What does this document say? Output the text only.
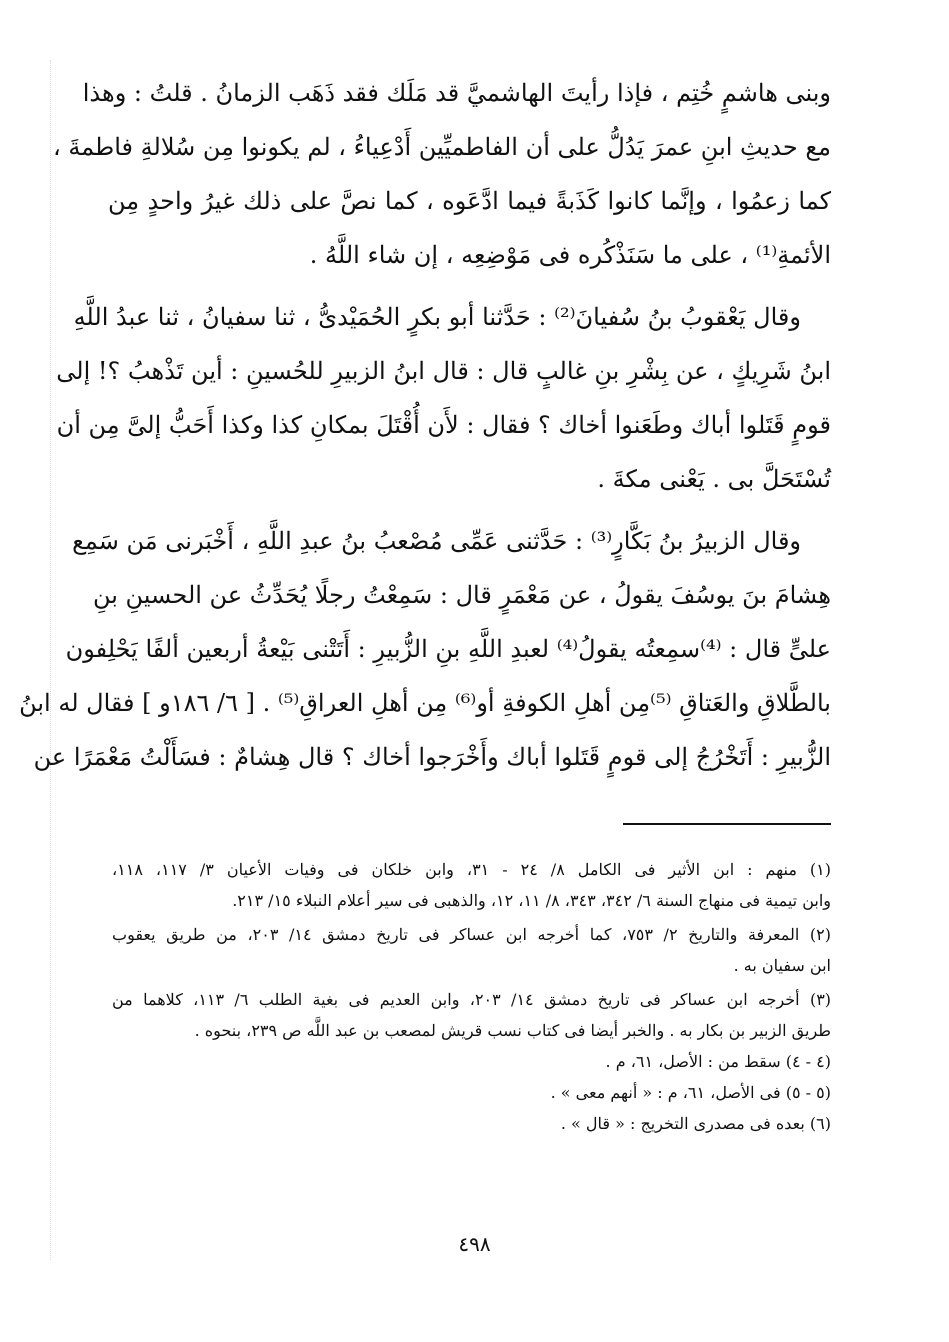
وبنى هاشمٍ خُتِم ، فإذا رأيتَ الهاشميَّ قد مَلَك فقد ذَهَب الزمانُ . قلتُ : وهذا
مع حديثِ ابنِ عمرَ يَدُلُّ على أن الفاطميِّين أَدْعِياءُ ، لم يكونوا مِن سُلالةِ فاطمةَ ،
كما زعمُوا ، وإنَّما كانوا كَذَبةً فيما ادَّعَوه ، كما نصَّ على ذلك غيرُ واحدٍ مِن
الأئمةِ⁽¹⁾ ، على ما سَنَذْكُره فى مَوْضِعِه ، إن شاء اللَّهُ .
وقال يَعْقوبُ بنُ سُفيانَ⁽²⁾ : حَدَّثنا أبو بكرٍ الحُمَيْدىُّ ، ثنا سفيانُ ، ثنا عبدُ اللَّهِ
ابنُ شَرِيكٍ ، عن بِشْرِ بنِ غالبٍ قال : قال ابنُ الزبيرِ للحُسينِ : أين تَذْهبُ ؟! إلى
قومٍ قَتَلوا أباك وطَعَنوا أخاك ؟ فقال : لأَن أُقْتَلَ بمكانِ كذا وكذا أَحَبُّ إلىَّ مِن أن
تُسْتَحَلَّ بى . يَعْنى مكةَ .
وقال الزبيرُ بنُ بَكَّارٍ⁽³⁾ : حَدَّثنى عَمِّى مُصْعبُ بنُ عبدِ اللَّهِ ، أَخْبَرنى مَن سَمِع
هِشامَ بنَ يوسُفَ يقولُ ، عن مَعْمَرٍ قال : سَمِعْتُ رجلًا يُحَدِّثُ عن الحسينِ بنِ
علىٍّ قال : ⁽⁴⁾سمِعتُه يقولُ⁽⁴⁾ لعبدِ اللَّهِ بنِ الزُّبيرِ : أَتَتْنى بَيْعةُ أربعين ألفًا يَحْلِفون
بالطَّلاقِ والعَتاقِ ⁽⁵⁾مِن أهلِ الكوفةِ أو⁽⁶⁾ مِن أهلِ العراقِ⁽⁵⁾ . [ ٦/ ١٨٦و ] فقال له ابنُ
الزُّبيرِ : أَتَخْرُجُ إلى قومٍ قَتَلوا أباك وأَخْرَجوا أخاك ؟ قال هِشامٌ : فسَأَلْتُ مَعْمَرًا عن
(١) منهم : ابن الأثير فى الكامل ٨/ ٢٤ - ٣١، وابن خلكان فى وفيات الأعيان ٣/ ١١٧، ١١٨،
وابن تيمية فى منهاج السنة ٦/ ٣٤٢، ٣٤٣، ٨/ ١١، ١٢، والذهبى فى سير أعلام النبلاء ١٥/ ٢١٣.
(٢) المعرفة والتاريخ ٢/ ٧٥٣، كما أخرجه ابن عساكر فى تاريخ دمشق ١٤/ ٢٠٣، من طريق يعقوب
ابن سفيان به .
(٣) أخرجه ابن عساكر فى تاريخ دمشق ١٤/ ٢٠٣، وابن العديم فى بغية الطلب ٦/ ١١٣، كلاهما من
طريق الزبير بن بكار به . والخبر أيضا فى كتاب نسب قريش لمصعب بن عبد اللَّه ص ٢٣٩، بنحوه .
(٤ - ٤) سقط من : الأصل، ٦١، م .
(٥ - ٥) فى الأصل، ٦١، م : « أنهم معى » .
(٦) بعده فى مصدرى التخريج : « قال » .
٤٩٨
